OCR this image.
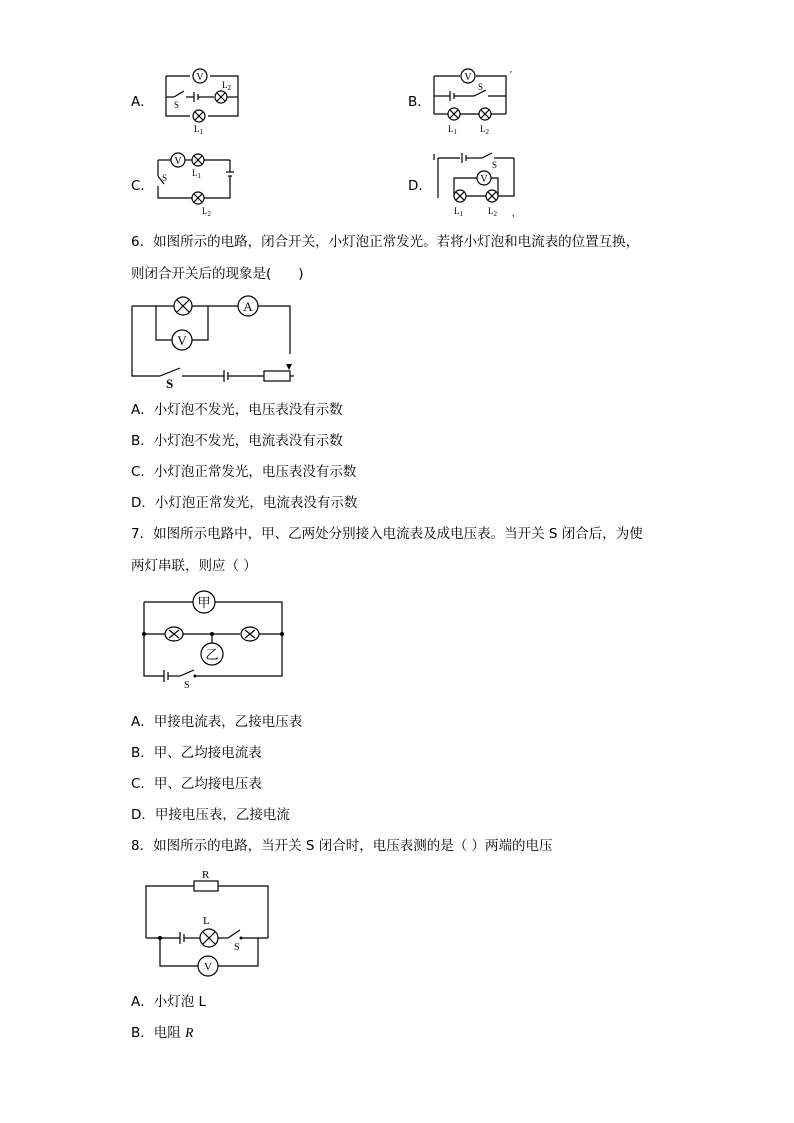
A．
V
S
$L_2$
$L_1$
B．
V
S
$L_1$	$L_2$
'
C．
V
$L_1$
S
$L_2$
D．
S
V
$L_1$	$L_2$ ,
6．如图所示的电路，闭合开关，小灯泡正常发光。若将小灯泡和电流表的位置互换，
则闭合开关后的现象是(　　)
A
V
S
A．小灯泡不发光，电压表没有示数
B．小灯泡不发光，电流表没有示数
C．小灯泡正常发光，电压表没有示数
D．小灯泡正常发光，电流表没有示数
7．如图所示电路中，甲、乙两处分别接入电流表及成电压表。当开关 S 闭合后，为使
两灯串联，则应（ ）
甲
乙
S
A．甲接电流表，乙接电压表
B．甲、乙均接电流表
C．甲、乙均接电压表
D．甲接电压表，乙接电流
8．如图所示的电路，当开关 S 闭合时，电压表测的是（ ）两端的电压
R
L
S
V
A．小灯泡 L
B．电阻 R
